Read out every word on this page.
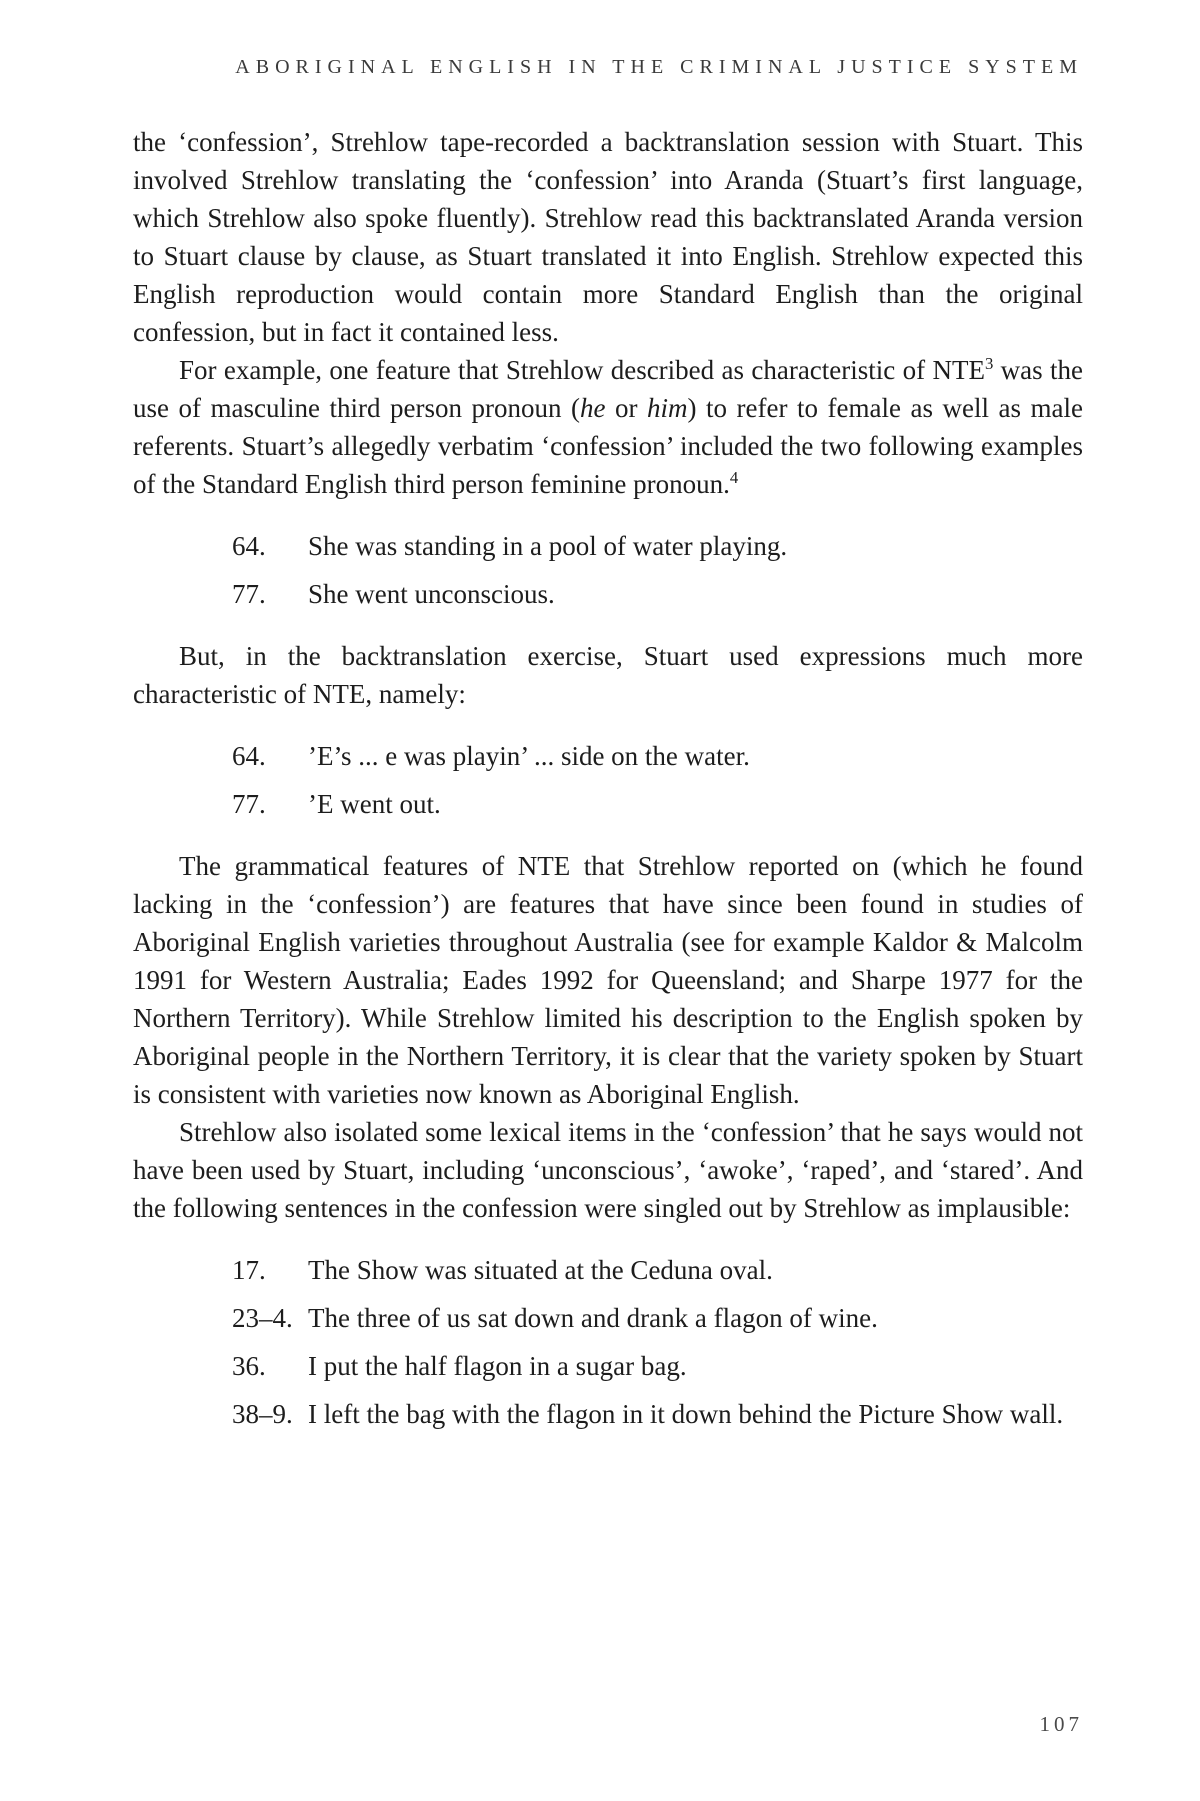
ABORIGINAL ENGLISH IN THE CRIMINAL JUSTICE SYSTEM

the ‘confession’, Strehlow tape-recorded a backtranslation session with Stuart. This involved Strehlow translating the ‘confession’ into Aranda (Stuart’s first language, which Strehlow also spoke fluently). Strehlow read this backtranslated Aranda version to Stuart clause by clause, as Stuart translated it into English. Strehlow expected this English reproduction would contain more Standard English than the original confession, but in fact it contained less.

For example, one feature that Strehlow described as characteristic of NTE$^3$ was the use of masculine third person pronoun (he or him) to refer to female as well as male referents. Stuart’s allegedly verbatim ‘confession’ included the two following examples of the Standard English third person feminine pronoun.$^4$

64.	She was standing in a pool of water playing.
77.	She went unconscious.

But, in the backtranslation exercise, Stuart used expressions much more characteristic of NTE, namely:

64.	’E’s ... e was playin’ ... side on the water.
77.	’E went out.

The grammatical features of NTE that Strehlow reported on (which he found lacking in the ‘confession’) are features that have since been found in studies of Aboriginal English varieties throughout Australia (see for example Kaldor & Malcolm 1991 for Western Australia; Eades 1992 for Queensland; and Sharpe 1977 for the Northern Territory). While Strehlow limited his description to the English spoken by Aboriginal people in the Northern Territory, it is clear that the variety spoken by Stuart is consistent with varieties now known as Aboriginal English.

Strehlow also isolated some lexical items in the ‘confession’ that he says would not have been used by Stuart, including ‘unconscious’, ‘awoke’, ‘raped’, and ‘stared’. And the following sentences in the confession were singled out by Strehlow as implausible:

17.	The Show was situated at the Ceduna oval.
23–4. The three of us sat down and drank a flagon of wine.
36.	I put the half flagon in a sugar bag.
38–9. I left the bag with the flagon in it down behind the Picture Show wall.
107
